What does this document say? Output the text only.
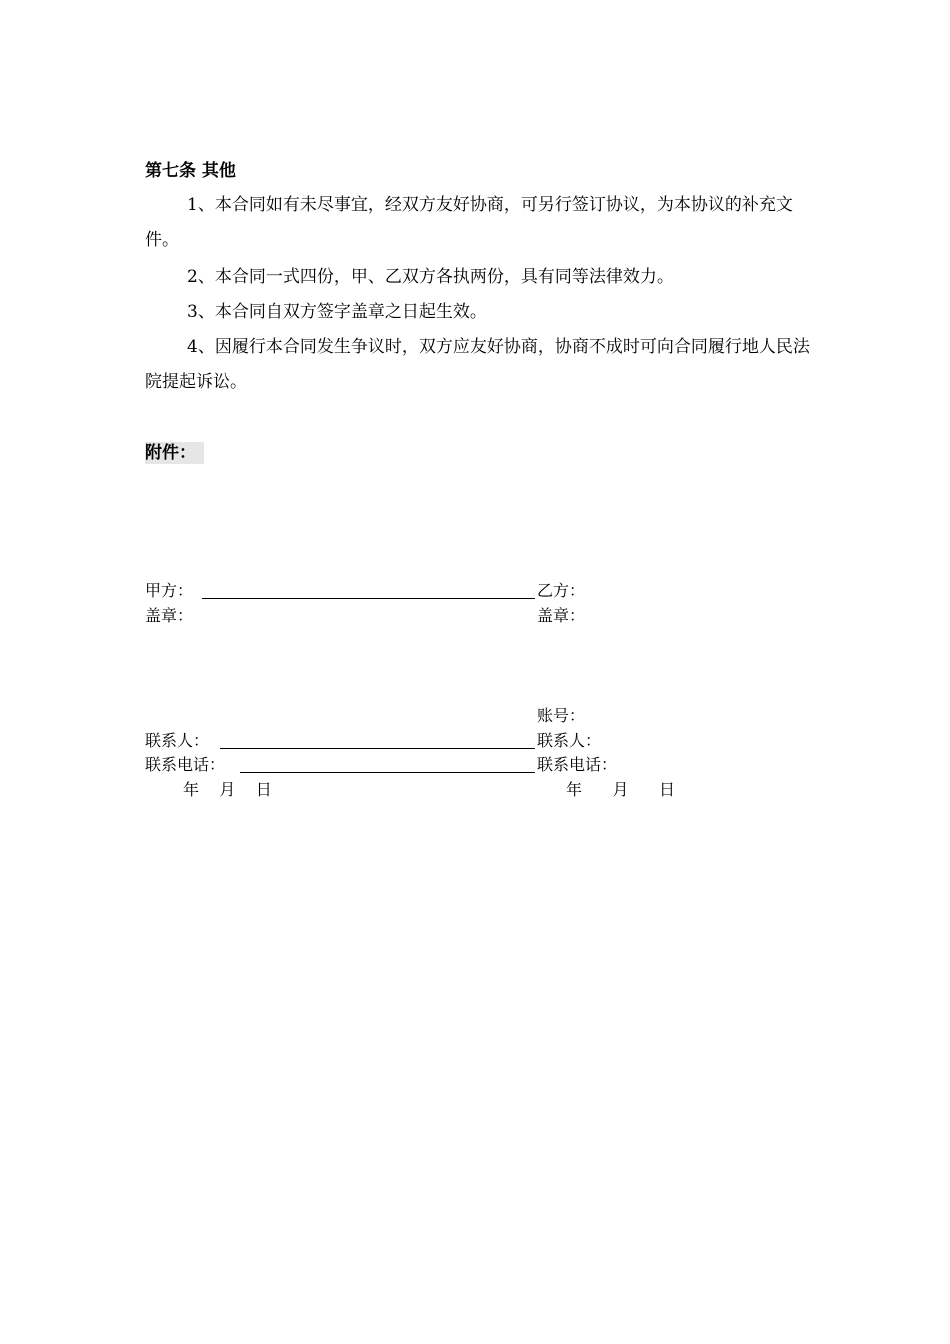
第七条 其他
1、本合同如有未尽事宜，经双方友好协商，可另行签订协议，为本协议的补充文件。
2、本合同一式四份，甲、乙双方各执两份，具有同等法律效力。
3、本合同自双方签字盖章之日起生效。
4、因履行本合同发生争议时，双方应友好协商，协商不成时可向合同履行地人民法院提起诉讼。
附件：
甲方：
盖章：
联系人：
联系电话：
年    月    日
乙方：
盖章：
账号：
联系人：
联系电话：
年      月      日
